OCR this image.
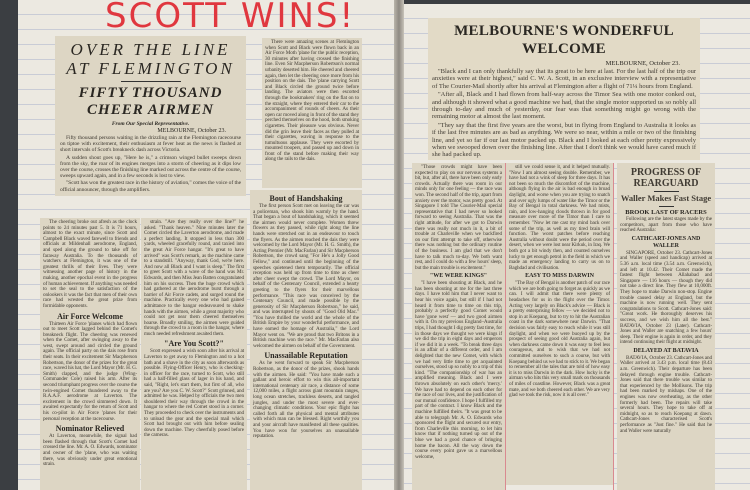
SCOTT WINS!
OVER THE LINE AT FLEMINGTON
FIFTY THOUSAND CHEER AIRMEN
From Our Special Representative.
MELBOURNE, October 23.

Fifty thousand persons waiting in the drizzling rain at the Flemington racecourse on tiptoe with excitement, their enthusiasm at fever heat as the news is flashed at short intervals of Scott's breakneck dash across Victoria.

A sudden shout goes up, "Here he is," a crimson winged bullet sweeps down from the sky, the roar of its engines merges into a storm of cheering as it dips low over the course, crosses the finishing line marked out across the centre of the course, sweeps upward again, and in a few seconds is lost to view.

"Scott has won the greatest race in the history of aviation," comes the voice of the official announcer, through the amplifiers.

There were amazing scenes at Flemington when Scott and Black were flown back in an Air Force Moth 'plane for the public reception, 30 minutes after having crossed the finishing line. Even Sir Macpherson Robertson's normal urbanity deserted him. He cheered and cheered again, then let the cheering once more from his position on the dais. The 'plane carrying Scott and Black circled the ground twice before landing. The aviators were then escorted through the bookmakers' ring on the flat on to the straight, where they entered their car to the accompaniment of rounds of cheers. As their open car moved along in front of the stand they perched themselves on the hood, both smoking cigarettes. Their pleasure was obvious. Never did the grin leave their faces as they pulled at their cigarettes, waving in response to the tumultuous applause. They were escorted by mounted troopers, and passed up and down in front of the stand before making their way along the rails to the dais.

The cheering broke out afresh as the clock points to 24 minutes past 5. It is 71 hours, almost to the exact minute, since Scott and Campbell Black waved farewell to friends and officials at Mildenhall aerodrome, England, and sped along the ground to take off for faraway Australia. To the thousands of watchers at Flemington, it was one of the greatest thrills of their lives. They were witnessing another page of history in the making, another epochal event in the progress of human achievement. If anything was needed to set the seal to the satisfaction of the onlookers it was the fact that men of their own race had wrested the great prize from formidable opponents.

Air Force Welcome

Thirteen Air Force 'planes which had flown out to meet Scott lagged behind the Comet's breakneck flight. The cheering was renewed when the Comet, after swinging away to the west, swept around and circled the ground again. The official party on the dais rose from their seats. In their excitement Sir Macpherson Robertson, the donor of the prizes for the great race, waved his hat, the Lord Mayor (Mr. H. G. Smith) clapped, and the judge (Wing-Commander Cole) raised his arm. After its second triumphant progress over the course the twin-engined Comet thundered away to the R.A.A.F. aerodrome at Laverton. The excitement in the crowd simmered down. It awaited expectantly for the return of Scott and his co-pilot in Air Force 'planes for their personal reception at the racecourse.

Nominator Relieved

At Laverton, meanwhile, the signal had been flashed through that Scott's Comet had crossed the line. Mr. A. O. Edwards, nominator and owner of the 'plane, who was waiting there, was obviously under great emotional strain.

strain. "Are they really over the line?" he asked. "Thank heaven." Nine minutes later the Comet circled the Laverton aerodrome, and made a perfect landing. It stopped in less than 300 yards, wheeled gracefully round, and taxied into the great Air Force hangar. "It's great to have arrived" was Scott's remark, as the machine came to a standstill. "Anyway, thank God, we're here. And now all Black and I want is sleep." The first to greet Scott with a wave of the hand was Mr. Edwards, and then Miss Jean Batten congratulated him on his success. Then the huge crowd which had gathered at the aerodrome burst through a barrier of Air Force cadets, and surged round the machine. Practically every one who had gained admittance to the hangar endeavoured to shake hands with the airmen, while a great majority who could not get near them cheered themselves hoarse. Broadly smiling, the airmen were guided through the crowd to a room in the hangar, where much needed refreshment awaited them.

"Are You Scott?"

Scott expressed a wish soon after his arrival at Laverton to get away to Flemington and to a hot bath and a shave in the city as soon afterwards as possible. Flying-Officer Henry, who is checking-in officer for the race, turned to Scott, who still had a half-filled glass of lager in his hand, and said, "Right, let's start them, but first of all, who are you? Are you C. W. Scott?" Scott grinned, and admitted he was. Helped by officials the two men shouldered their way through the crowd in the hangar to where the red Comet stood in a corner. They proceeded to check over the instruments and to unload the gear and the special mail which Scott had brought out with him before sealing down the machine. They cheerfully posed before the cameras.

Bout of Handshaking

The first person Scott met on leaving the car was a policeman, who shook him warmly by the hand. That began a bout of handshaking, which it seemed the airmen would never complete. Women threw flowers as they passed, while right along the line hands were stretched out in an endeavour to touch the flyers. As the airmen reached the dais they were welcomed by the Lord Mayor (Mr. H. G. Smith), the Acting Premier (Mr. MacFarlan) and Sir Macpherson Robertson, the crowd sang "For He's a Jolly Good Fellow," and continued until the beginning of the speeches quietened them temporarily. The official reception was held up from time to time as cheer after cheer swept the crowd. The Lord Mayor, on behalf of the Centenary Council, extended a hearty greeting to the flyers for their marvellous performance. "This race was conceived by the Centenary Council, and made possible by the generosity of Sir Macpherson Robertson," he said, and was interrupted by shouts of "Good Old Mac." "You have thrilled the world and the whole of the British Empire by your wonderful performance, and have earned the homage of Australia," the Lord Mayor went on. "We are proud that two Britons in a British machine won the race." Mr. MacFarlan also welcomed the airmen on behalf of the Government.

Unassailable Reputation

As he went forward to speak Sir Macpherson Robertson, as the donor of the prizes, shook hands with the airmen. He said: "You have made such a gallant and heroic effort to win this all-important international centenary air race, a distance of some 12,000 miles, a flight across giant mountain ranges, long ocean stretches, trackless deserts, and tangled jungles, and under the most severe and ever-changing climatic conditions. Your epic flight has called forth all the physical and mental attributes with which man can be blessed. Right worthily you and your aircraft have manifested all these qualities. You have won for yourselves an unassailable reputation.

MELBOURNE'S WONDERFUL WELCOME
MELBOURNE, October 23.

"Black and I can only thankfully say that its great to be here at last. For the last half of the trip our anxieties were at their highest," said C. W. A. Scott, in an exclusive interview with a representative of The Courier-Mail shortly after his arrival at Flemington after a flight of 71¼ hours from England.

"After all, Black and I had flown from half-way across the Timor Sea with one motor conked out, and although it showed what a good machine we had, that the single motor supported us so nobly all through to-day and much of yesterday, our fear was that something might go wrong with the remaining motor at almost the last moment.

"They say that the first five years are the worst, but in flying from England to Australia it looks as if the last five minutes are as bad as anything. We were so near, within a mile or two of the finishing line, and yet so far if our last motor packed up. Black and I looked at each other pretty expressively when we swooped down over the finishing line. After that I don't think we would have cared much if she had packed up.

"Those crowds might have been expected to play on our nervous systems a bit, but, after all, there have been only early crowds. Actually there was room in our minds only for one feeling — the race was won. The second half of the trip, apart from anxiety over the motor, was pretty good. At Singapore I told The Courier-Mail special representative that I had never so looked forward to seeing Australia. That was the right attitude, for after we got to Darwin there was really not much in it, a bit of trouble at Charleville when we backfired on our first attempt to take off, otherwise there was nothing but the ordinary routine of the business. I am glad that we don't have to talk much to-day. We both want rest, and I could do with a few hours' sleep, but the main trouble is excitement."

"WE WERE KINGS"

"I have been shouting at Black, and he has been shouting at me for the last three days. I have told him that I never want to hear his voice again, but still if I had not heard it from time to time on this trip, probably a perfectly good Comet would have 'gone west' — and two good airmen with it. On my previous England–Australia trips, I had thought I dig pretty fast time, for in those days we thought we were kings if we did the trip in eight days and emperors if we did it in a week. "To break three days is an affair of a different order, and I am delighted that the new Comet, with which we had very little time to get acquainted ourselves, stood up so nobly to a trip of this kind. "The companionship of war has an amplified meaning. Black and I were thrown absolutely on each other's 'mercy.' We have had to depend on each other for the race of our lives, and the justification of our mutual confidence. I hope I fulfilled my part of the contract. I know Black and the machine fulfilled theirs. "It was great to be able to telegraph Mr. A. O. Edwards who sponsored the flight and secured our entry, from Charleville this morning, to let him know that if nothing turned up out of the blue we had a good chance of bringing home the bacon. All the way down the course every point gave us a marvellous welcome,

still we could sense it, and it helped mutually. "Now I am almost seeing double. Remember, we have had not a wink of sleep for three days. It has not been so much the discomfort of the machine, although flying in the air is bad enough in broad daylight, and worse when you are trying to snatch and over ugly lumps of water like the Timor or the Bay of Bengal in total darkness. We had mists, rain, and low-hanging clouds thrown in for good measure over more of the Timor than I care to remember. "Now let me cast my mind back over some of the trip, as well as my tired brain will function. The worst patches before reaching Australia without doubt were the period over the desert, when we were lost near Kirkuk, in Iraq. We both got a bit windy then, and counted ourselves lucky to get enough petrol in the field in which we made an emergency landing to carry us on to Baghdad and civilisation.

EASY TO MISS DARWIN

"The Bay of Bengal is another patch of our race which we are both going to forget as quickly as we can. I will admit that there were plenty of headaches for us in the flight over the Timor. Acting very largely on Black's advice — Black is a pretty enterprising fellow — we decided not to stop in at Koepang, but to try to hit the Australian coast in the dark somewhere near Darwin. "That decision was fairly easy to reach while it was still daylight, and when we were buoyed up by the prospect of seeing good old Australia again, but when darkness came down it was easy to feel less courageous, and to wish that we had not committed ourselves to such a course, but with Koepang behind us we had to stick to it. We began to remember all the tales that are told of how easy it is to miss Darwin in the dark. How lucky is the airman who hits this very small mark on thousands of miles of coastline. However, Black was a great mate, and we both cheered each other. We are very glad we took the risk, now it is all over."

PROGRESS OF REARGUARD
Waller Makes Fast Stage
BROOK LAST OF RACERS

Following are the latest stages made by the competitors, apart from those who have reached Australia:

CATHCART-JONES AND WALLER

SINGAPORE, October 23. Cathcart-Jones and Waller (speed and handicap) arrived at 5.36 a.m. local time (3.54 a.m. Greenwich), and left at 10.42. Their Comet made the fastest flight between Allahabad and Singapore — 116 hours — though they did not take a direct line. They flew at 10,000ft. They hope to make Darwin non-stop. Engine trouble caused delay at England, but the machine is now running well. They sent congratulations to Scott. Cathcart-Jones said: "Great work. He thoroughly deserves his success, and we wish him all the best." BATAVIA, October 23 (Later). Cathcart-Jones and Waller are snatching a few hours' sleep. Their engine is again in order, and they intend continuing their flight at midnight.

DELAYED AT BATAVIA

BATAVIA, October 23. Cathcart-Jones and Waller arrived at 3.43 p.m. local time (8.43 a.m. Greenwich). Their departure has been delayed through engine trouble. Cathcart-Jones said that there trouble was similar to that experienced by the Mollisons. The trip had been marked by mishaps. One of the engines was now overheating, as the other formerly had been. The repairs will take several hours. They hope to take off at midnight, so as to reach Koepang at dawn. Cathcart-Jones characterised Scott's performance as "Just fine." He said that he and Waller were naturally
